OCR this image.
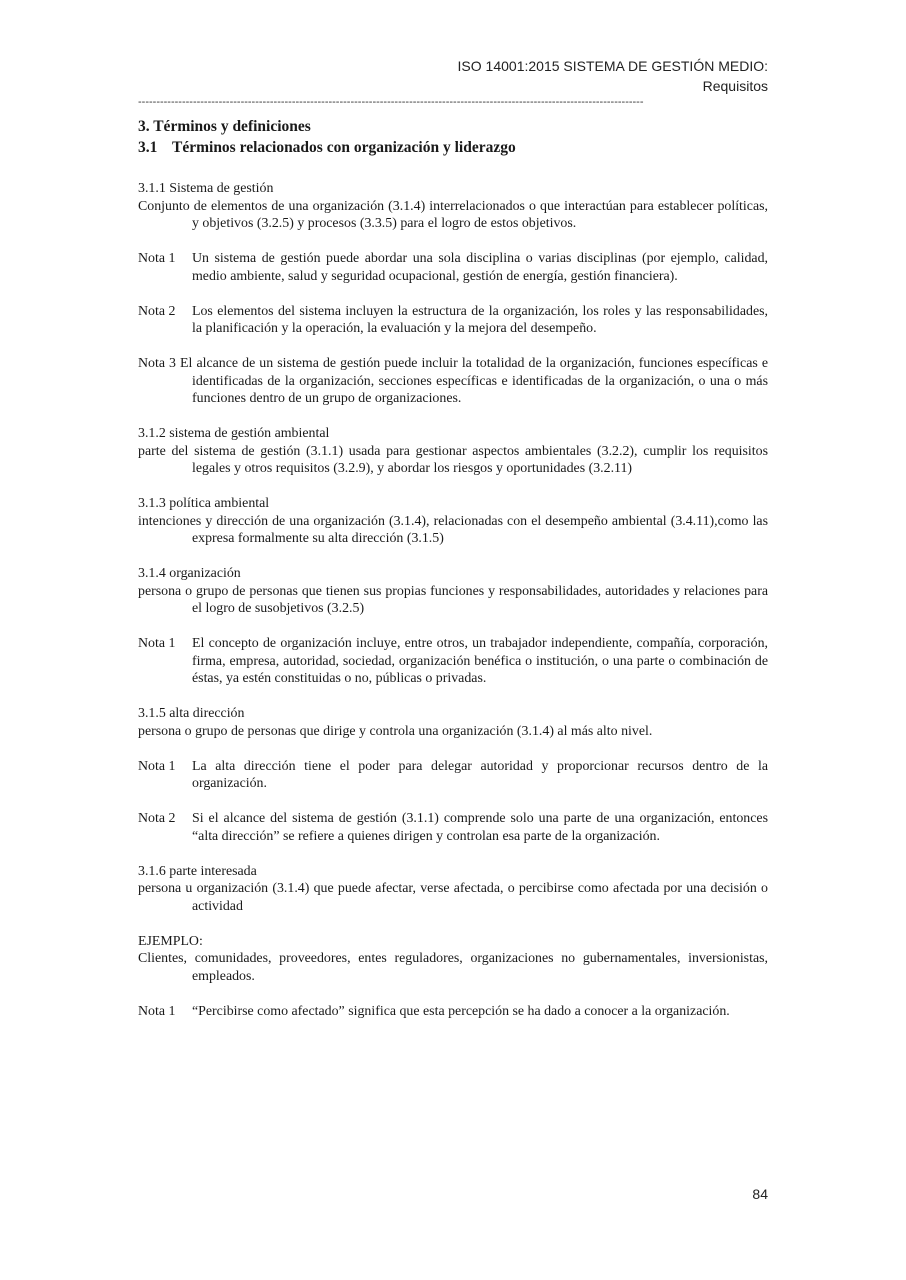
ISO 14001:2015 SISTEMA DE GESTIÓN MEDIO:
Requisitos
------------------------------------------------------------------------------------------------------------------------------------------

3. Términos y definiciones

3.1 Términos relacionados con organización y liderazgo

3.1.1 Sistema de gestión

Conjunto de elementos de una organización (3.1.4) interrelacionados o que interactúan para establecer políticas, y objetivos (3.2.5) y procesos (3.3.5) para el logro de estos objetivos.

Nota 1	Un sistema de gestión puede abordar una sola disciplina o varias disciplinas (por ejemplo, calidad, medio ambiente, salud y seguridad ocupacional, gestión de energía, gestión financiera).
Nota 2	Los elementos del sistema incluyen la estructura de la organización, los roles y las responsabilidades, la planificación y la operación, la evaluación y la mejora del desempeño.

Nota 3 El alcance de un sistema de gestión puede incluir la totalidad de la organización, funciones específicas e identificadas de la organización, secciones específicas e identificadas de la organización, o una o más funciones dentro de un grupo de organizaciones.

3.1.2 sistema de gestión ambiental

parte del sistema de gestión (3.1.1) usada para gestionar aspectos ambientales (3.2.2), cumplir los requisitos legales y otros requisitos (3.2.9), y abordar los riesgos y oportunidades (3.2.11)

3.1.3 política ambiental

intenciones y dirección de una organización (3.1.4), relacionadas con el desempeño ambiental (3.4.11),como las expresa formalmente su alta dirección (3.1.5)

3.1.4 organización

persona o grupo de personas que tienen sus propias funciones y responsabilidades, autoridades y relaciones para el logro de susobjetivos (3.2.5)

Nota 1	El concepto de organización incluye, entre otros, un trabajador independiente, compañía, corporación, firma, empresa, autoridad, sociedad, organización benéfica o institución, o una parte o combinación de éstas, ya estén constituidas o no, públicas o privadas.

3.1.5 alta dirección

persona o grupo de personas que dirige y controla una organización (3.1.4) al más alto nivel.

Nota 1	La alta dirección tiene el poder para delegar autoridad y proporcionar recursos dentro de la organización.
Nota 2	Si el alcance del sistema de gestión (3.1.1) comprende solo una parte de una organización, entonces “alta dirección” se refiere a quienes dirigen y controlan esa parte de la organización.

3.1.6 parte interesada

persona u organización (3.1.4) que puede afectar, verse afectada, o percibirse como afectada por una decisión o actividad

EJEMPLO:

Clientes, comunidades, proveedores, entes reguladores, organizaciones no gubernamentales, inversionistas, empleados.

Nota 1	“Percibirse como afectado” significa que esta percepción se ha dado a conocer a la organización.
84
